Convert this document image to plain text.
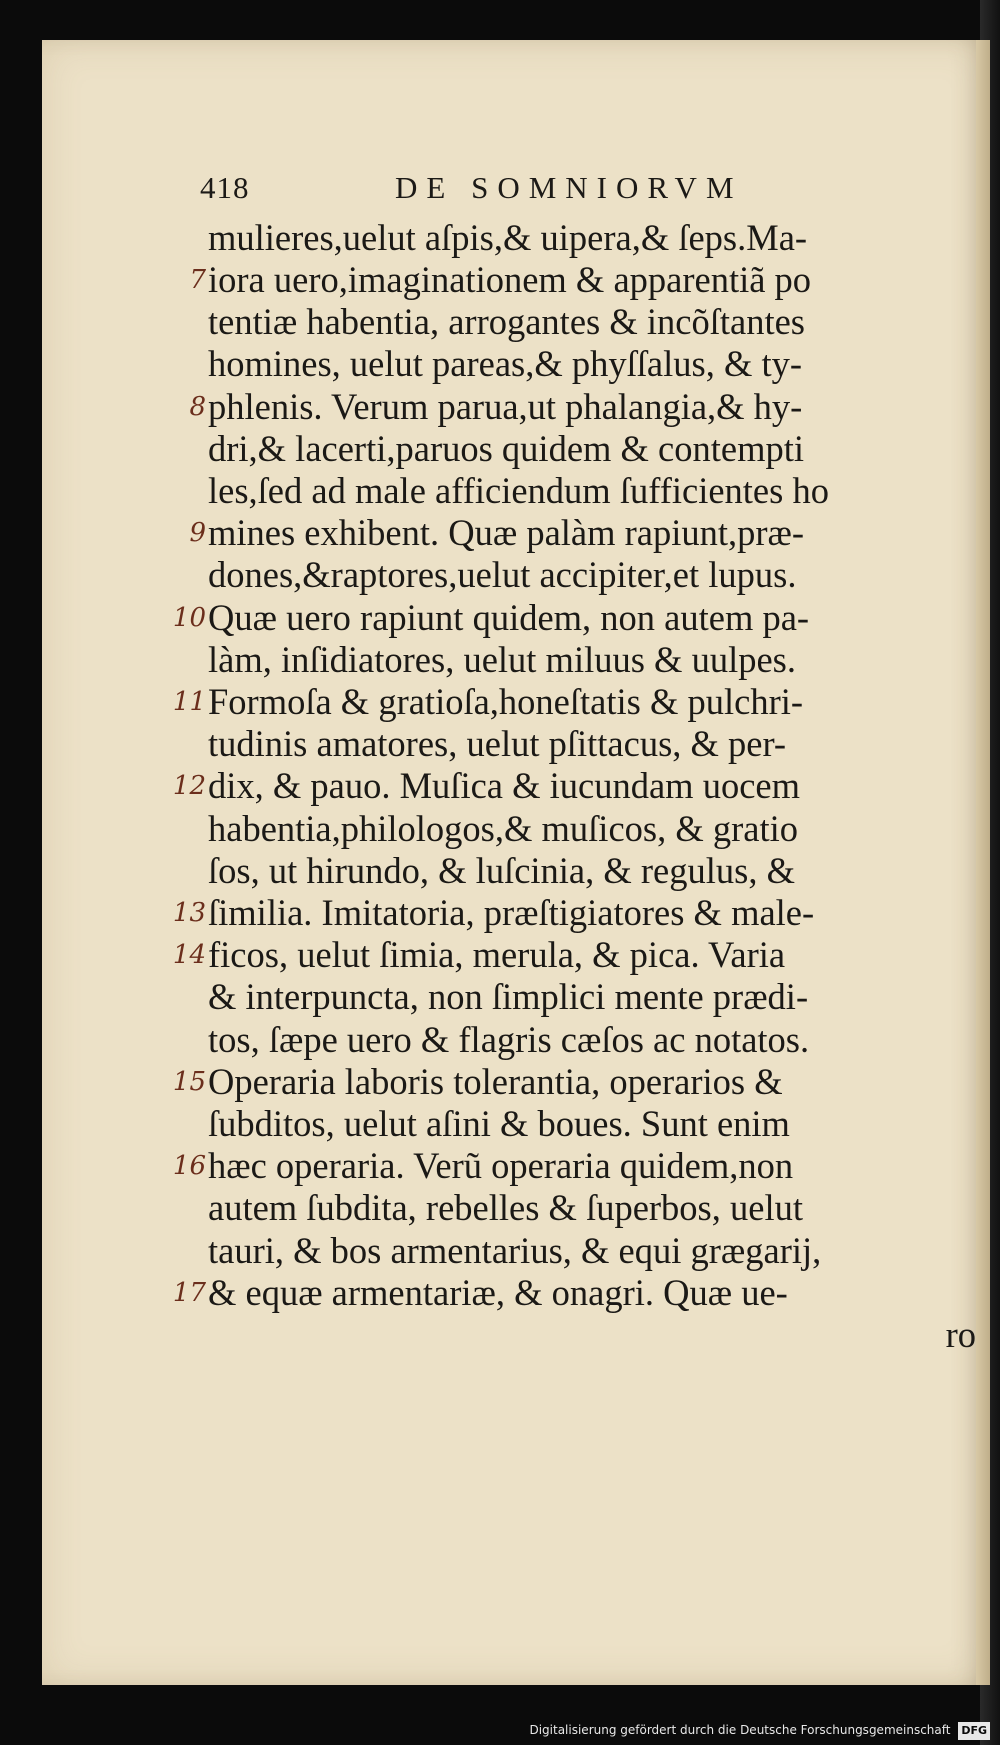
418	DE SOMNIORVM
mulieres,uelut aſpis,& uipera,& ſeps.Ma-
iora uero,imaginationem & apparentiã po
tentiæ habentia, arrogantes & incõſtantes
homines, uelut pareas,& phyſſalus, & ty-
phlenis. Verum parua,ut phalangia,& hy-
dri,& lacerti,paruos quidem & contempti
les,ſed ad male afficiendum ſufficientes ho
mines exhibent. Quæ palàm rapiunt,præ-
dones,&raptores,uelut accipiter,et lupus.
Quæ uero rapiunt quidem, non autem pa-
làm, inſidiatores, uelut miluus & uulpes.
Formoſa & gratioſa,honeſtatis & pulchri-
tudinis amatores, uelut pſittacus, & per-
dix, & pauo. Muſica & iucundam uocem
habentia,philologos,& muſicos, & gratio
ſos, ut hirundo, & luſcinia, & regulus, &
ſimilia. Imitatoria, præſtigiatores & male-
ficos, uelut ſimia, merula, & pica. Varia
& interpuncta, non ſimplici mente prædi-
tos, ſæpe uero & flagris cæſos ac notatos.
Operaria laboris tolerantia, operarios &
ſubditos, uelut aſini & boues. Sunt enim
hæc operaria. Verũ operaria quidem,non
autem ſubdita, rebelles & ſuperbos, uelut
tauri, & bos armentarius, & equi grægarij,
& equæ armentariæ, & onagri. Quæ ue-
ro
7
8
9
10
11
12
13
14
15
16
17
Digitalisierung gefördert durch die Deutsche Forschungsgemeinschaft DFG
